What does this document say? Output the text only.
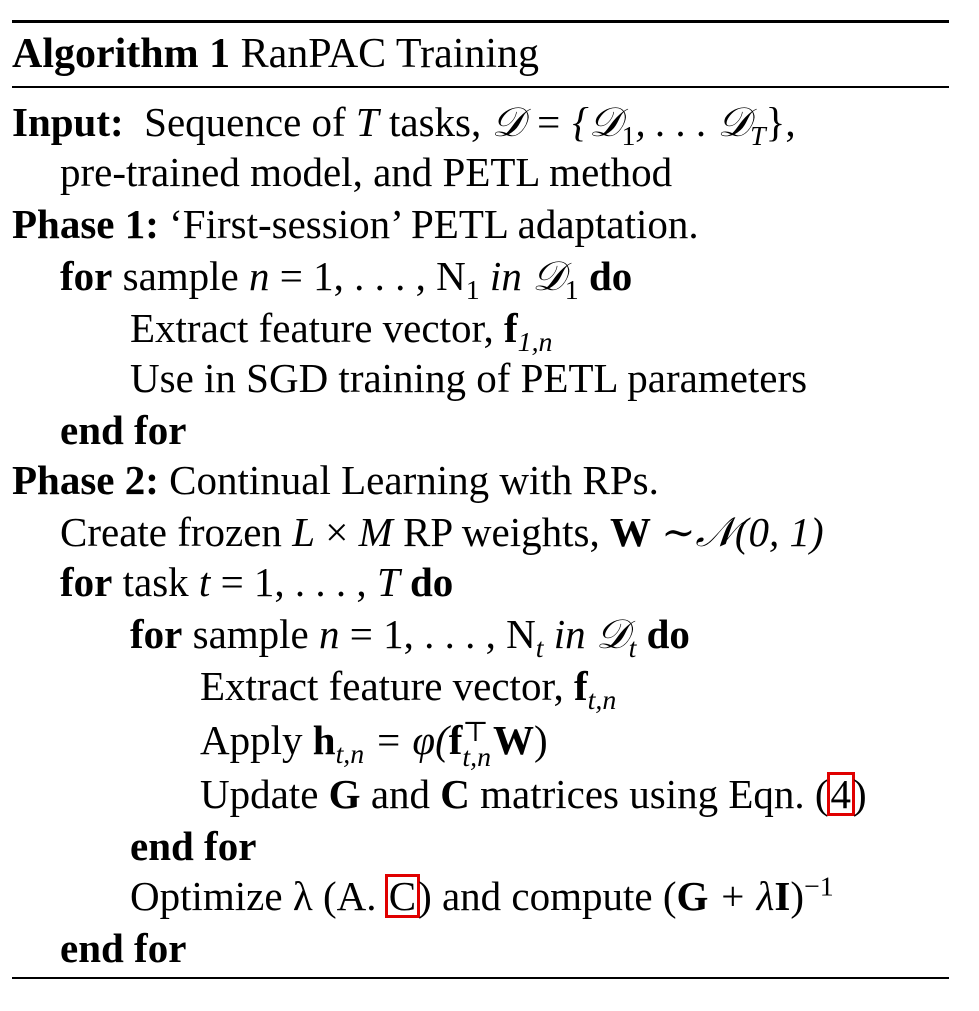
Algorithm 1 RanPAC Training
Input: Sequence of T tasks, 𝒟 = {𝒟$_1$, . . . 𝒟$_T$},
pre-trained model, and PETL method
Phase 1: ‘First-session’ PETL adaptation.
for sample n = 1, . . . , $N_1$ in 𝒟$_1$ do
Extract feature vector, $f_{1,n}$
Use in SGD training of PETL parameters
end for
Phase 2: Continual Learning with RPs.
Create frozen L × M RP weights, W ∼𝒩(0, 1)
for task t = 1, . . . , T do
for sample n = 1, . . . , $N_t$ in 𝒟$_t$ do
Extract feature vector, $f_{t,n}$
Apply $h_{t,n} = \varphi(f$ ⊤
t,n W)
Update G and C matrices using Eqn. (4)
end for
Optimize λ (A. C) and compute $(G + \lambda I)^{-1}$
end for
